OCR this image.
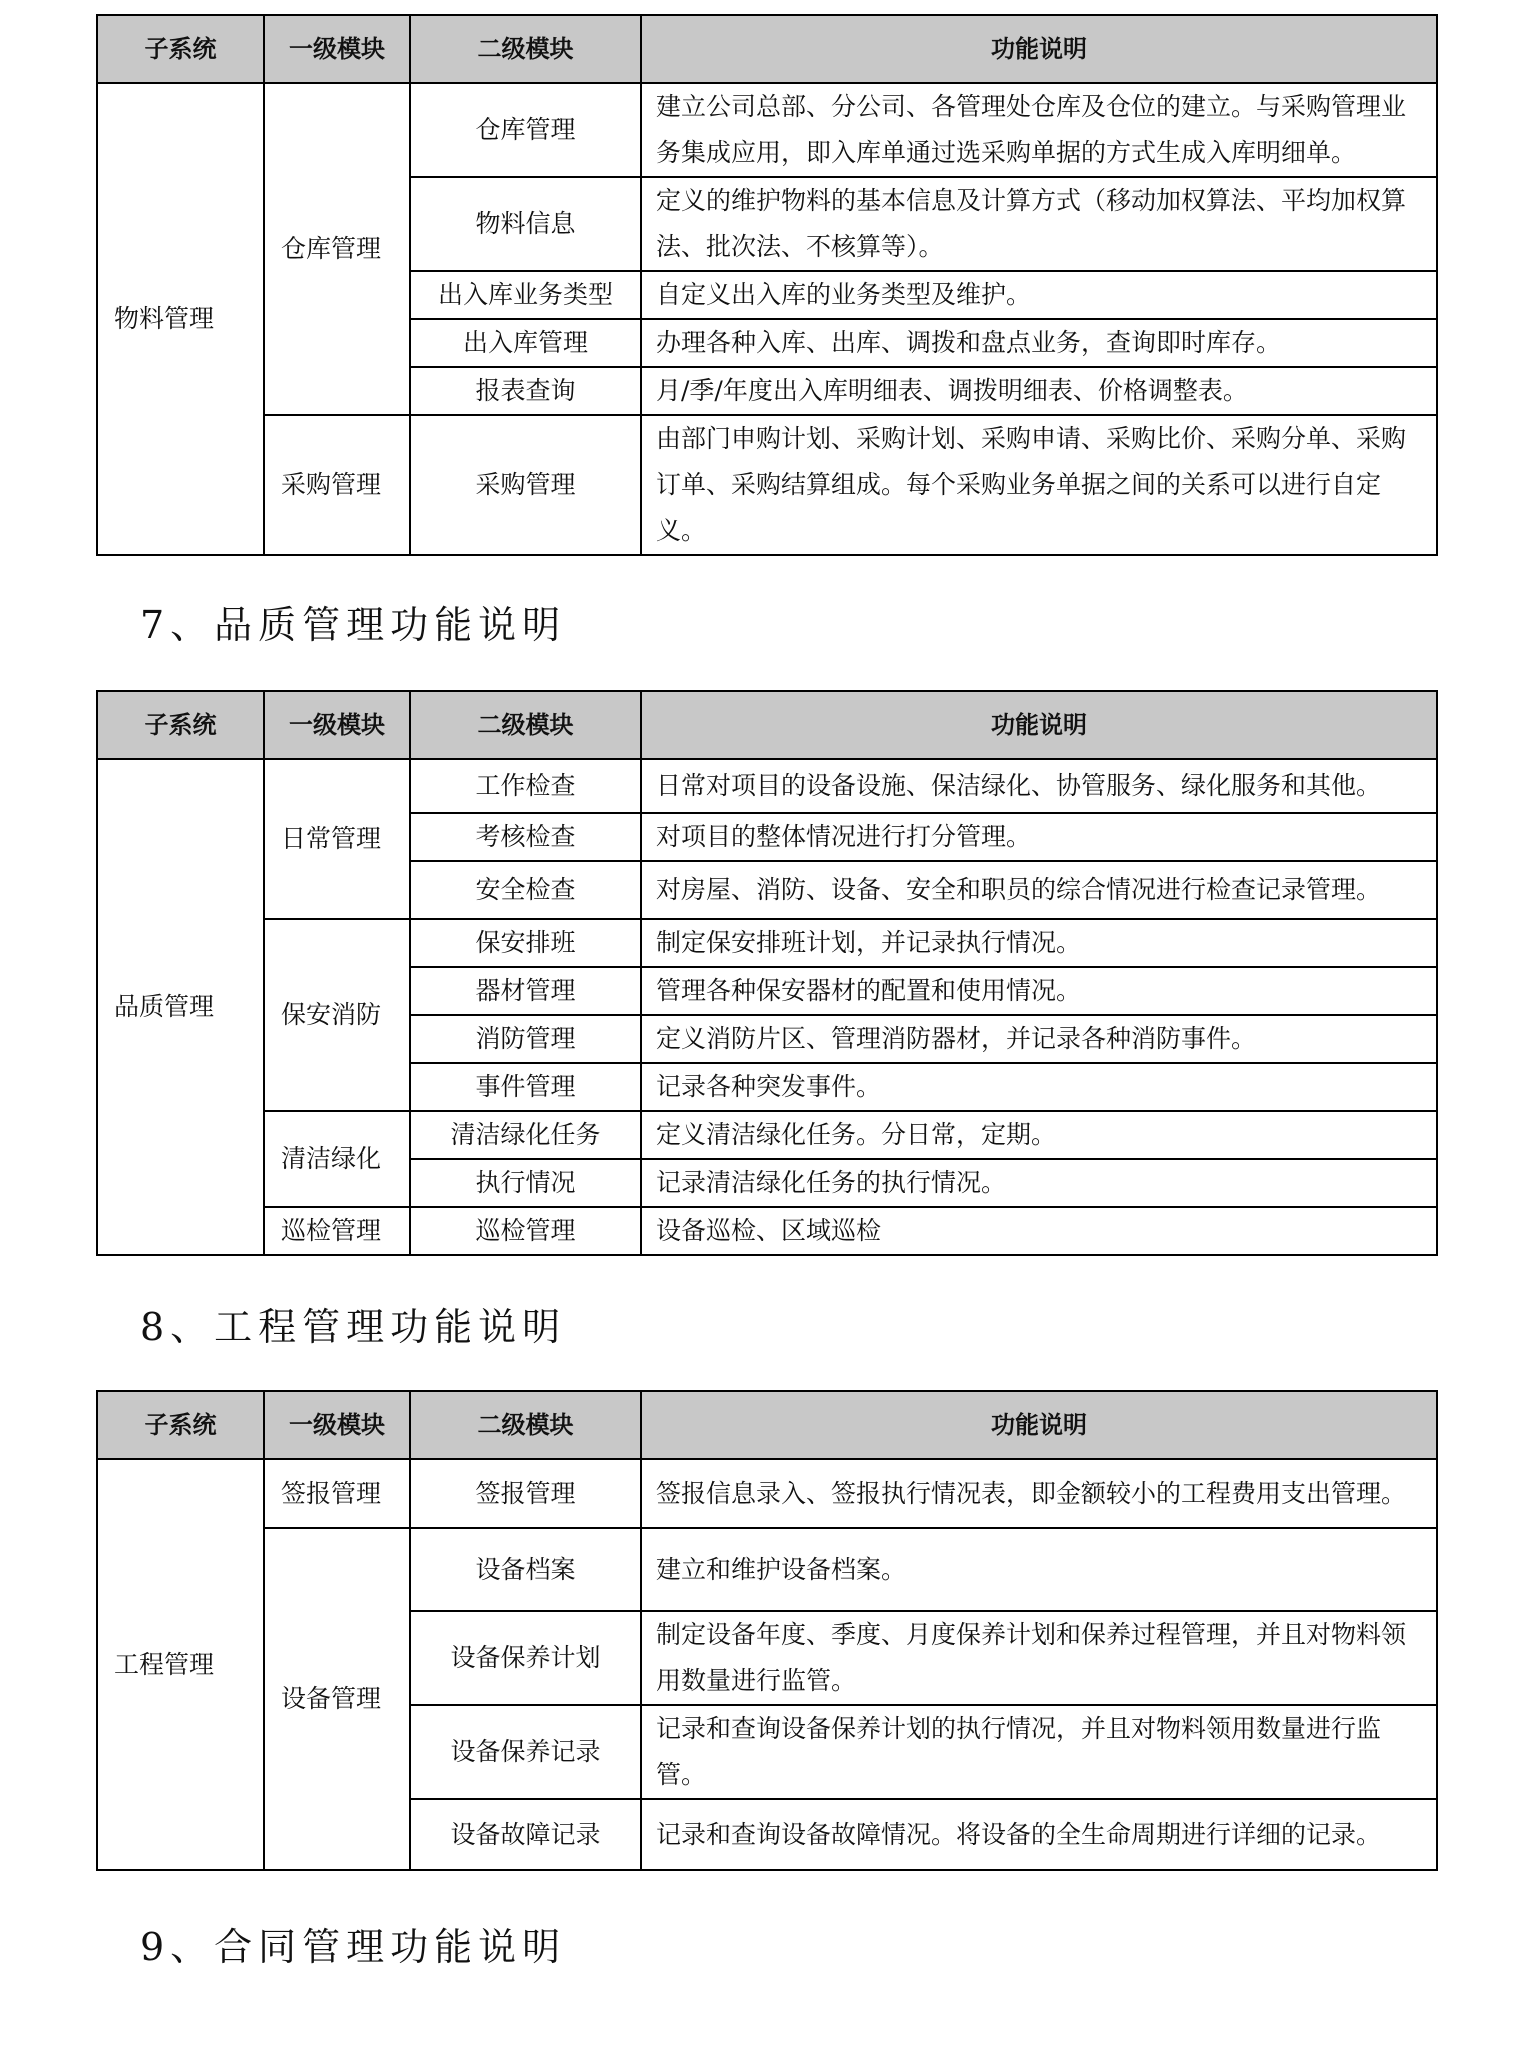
子系统	一级模块	二级模块	功能说明
物料管理	仓库管理	仓库管理	建立公司总部、分公司、各管理处仓库及仓位的建立。与采购管理业务集成应用，即入库单通过选采购单据的方式生成入库明细单。
		物料信息	定义的维护物料的基本信息及计算方式（移动加权算法、平均加权算法、批次法、不核算等）。
		出入库业务类型	自定义出入库的业务类型及维护。
		出入库管理	办理各种入库、出库、调拨和盘点业务，查询即时库存。
		报表查询	月/季/年度出入库明细表、调拨明细表、价格调整表。
	采购管理	采购管理	由部门申购计划、采购计划、采购申请、采购比价、采购分单、采购订单、采购结算组成。每个采购业务单据之间的关系可以进行自定义。
7、品质管理功能说明
子系统	一级模块	二级模块	功能说明
品质管理	日常管理	工作检查	日常对项目的设备设施、保洁绿化、协管服务、绿化服务和其他。
		考核检查	对项目的整体情况进行打分管理。
		安全检查	对房屋、消防、设备、安全和职员的综合情况进行检查记录管理。
	保安消防	保安排班	制定保安排班计划，并记录执行情况。
		器材管理	管理各种保安器材的配置和使用情况。
		消防管理	定义消防片区、管理消防器材，并记录各种消防事件。
		事件管理	记录各种突发事件。
	清洁绿化	清洁绿化任务	定义清洁绿化任务。分日常，定期。
		执行情况	记录清洁绿化任务的执行情况。
	巡检管理	巡检管理	设备巡检、区域巡检
8、工程管理功能说明
子系统	一级模块	二级模块	功能说明
工程管理	签报管理	签报管理	签报信息录入、签报执行情况表，即金额较小的工程费用支出管理。
	设备管理	设备档案	建立和维护设备档案。
		设备保养计划	制定设备年度、季度、月度保养计划和保养过程管理，并且对物料领用数量进行监管。
		设备保养记录	记录和查询设备保养计划的执行情况，并且对物料领用数量进行监管。
		设备故障记录	记录和查询设备故障情况。将设备的全生命周期进行详细的记录。
9、合同管理功能说明
